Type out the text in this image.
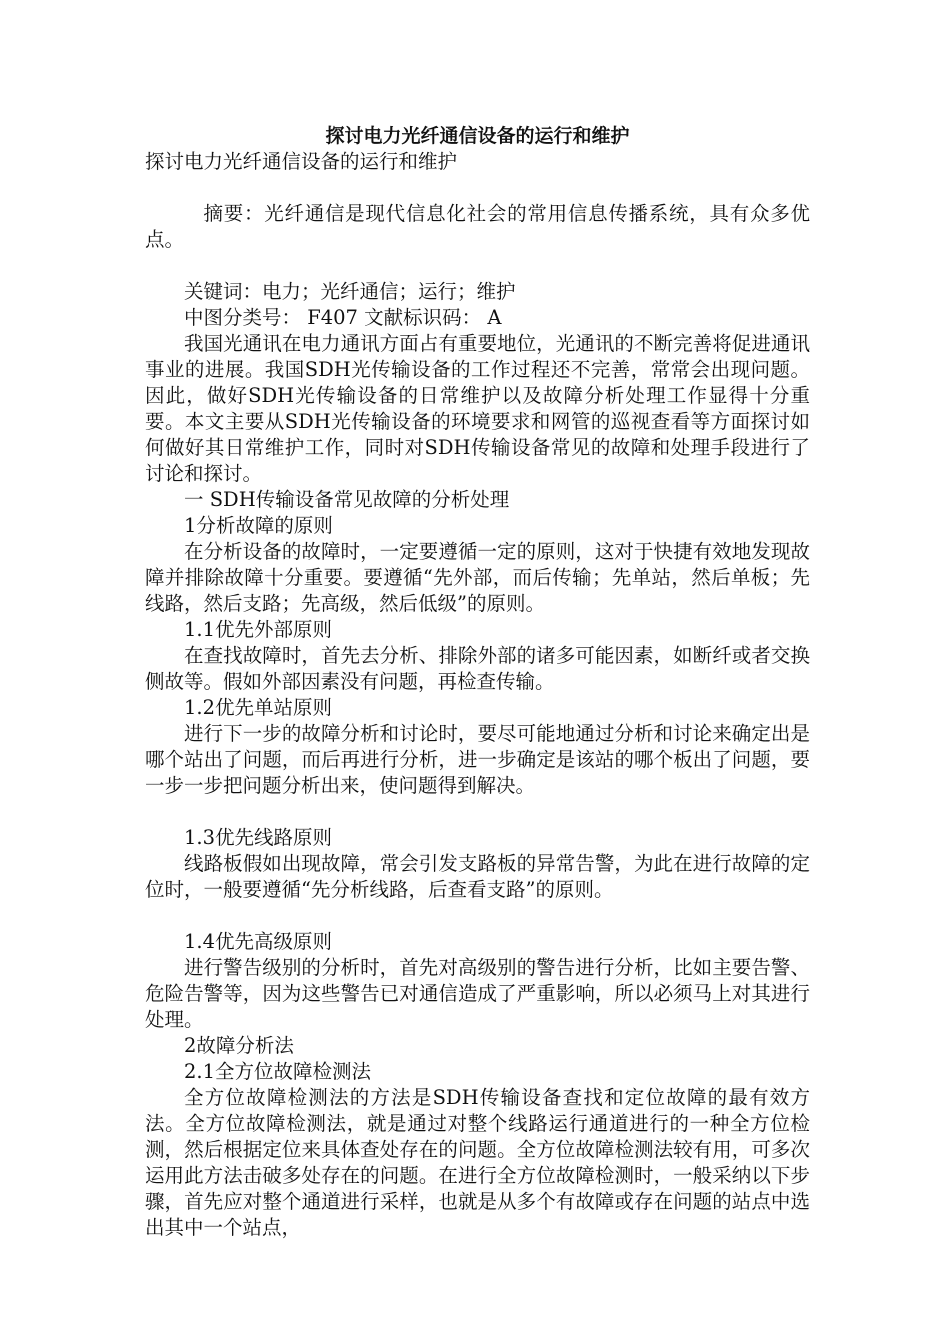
探讨电力光纤通信设备的运行和维护

探讨电力光纤通信设备的运行和维护

摘要：光纤通信是现代信息化社会的常用信息传播系统，具有众多优点。

关键词：电力；光纤通信；运行；维护

中图分类号： F407 文献标识码： A

我国光通讯在电力通讯方面占有重要地位，光通讯的不断完善将促进通讯事业的进展。我国SDH光传输设备的工作过程还不完善，常常会出现问题。因此，做好SDH光传输设备的日常维护以及故障分析处理工作显得十分重要。本文主要从SDH光传输设备的环境要求和网管的巡视查看等方面探讨如何做好其日常维护工作，同时对SDH传输设备常见的故障和处理手段进行了讨论和探讨。

一 SDH传输设备常见故障的分析处理

1分析故障的原则

在分析设备的故障时，一定要遵循一定的原则，这对于快捷有效地发现故障并排除故障十分重要。要遵循“先外部，而后传输；先单站，然后单板；先线路，然后支路；先高级，然后低级”的原则。

1.1优先外部原则

在查找故障时，首先去分析、排除外部的诸多可能因素，如断纤或者交换侧故等。假如外部因素没有问题，再检查传输。

1.2优先单站原则

进行下一步的故障分析和讨论时，要尽可能地通过分析和讨论来确定出是哪个站出了问题，而后再进行分析，进一步确定是该站的哪个板出了问题，要一步一步把问题分析出来，使问题得到解决。

1.3优先线路原则

线路板假如出现故障，常会引发支路板的异常告警，为此在进行故障的定位时，一般要遵循“先分析线路，后查看支路”的原则。

1.4优先高级原则

进行警告级别的分析时，首先对高级别的警告进行分析，比如主要告警、危险告警等，因为这些警告已对通信造成了严重影响，所以必须马上对其进行处理。

2故障分析法

2.1全方位故障检测法

全方位故障检测法的方法是SDH传输设备查找和定位故障的最有效方法。全方位故障检测法，就是通过对整个线路运行通道进行的一种全方位检测，然后根据定位来具体查处存在的问题。全方位故障检测法较有用，可多次运用此方法击破多处存在的问题。在进行全方位故障检测时，一般采纳以下步骤，首先应对整个通道进行采样，也就是从多个有故障或存在问题的站点中选出其中一个站点，
